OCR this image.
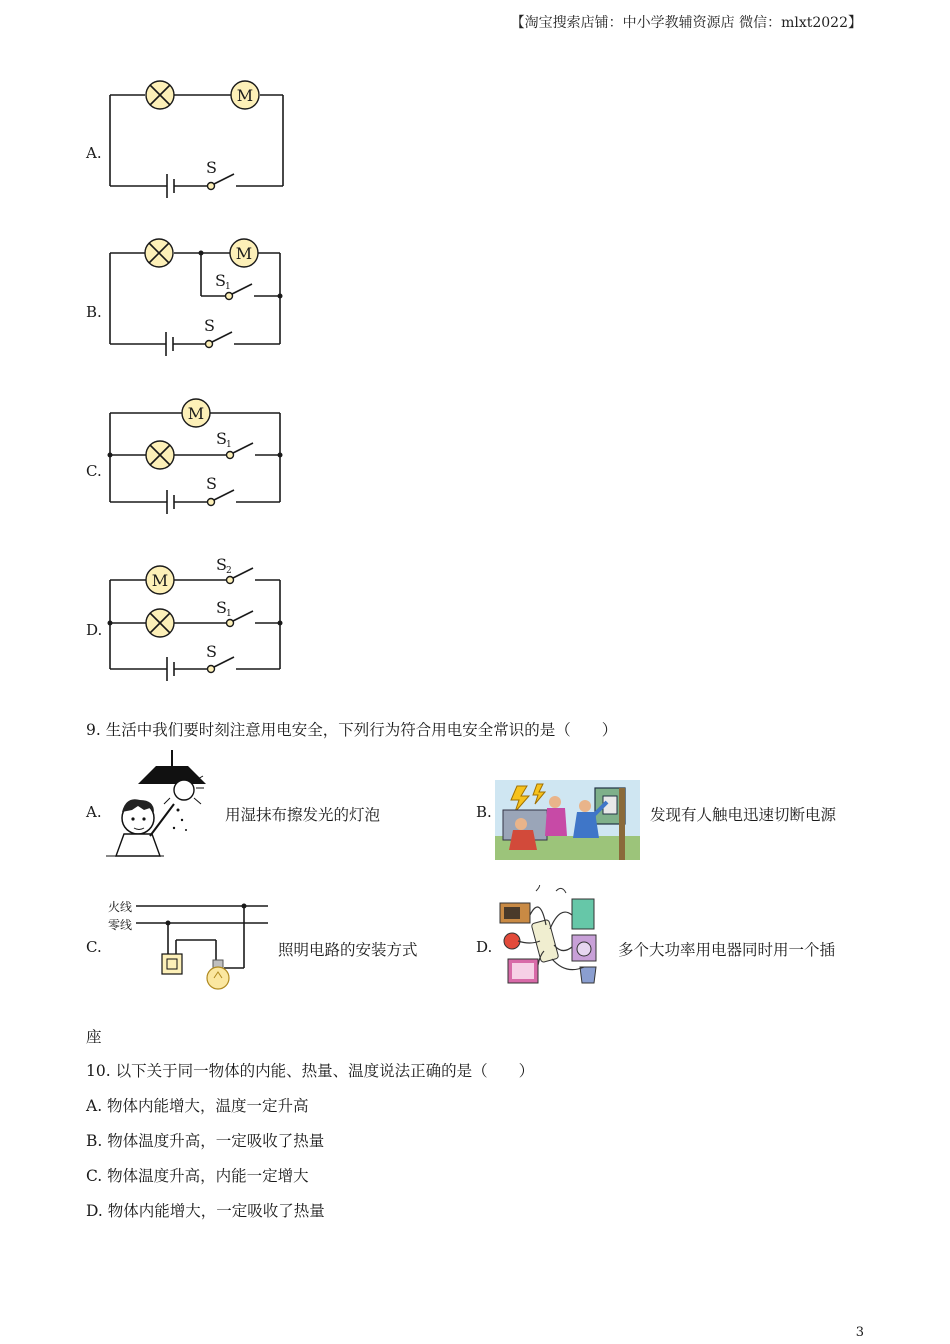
【淘宝搜索店铺：中小学教辅资源店 微信：mlxt2022】
A.
M
S
B.
M
S 1
S
C.
M
S 1
S
D.
M
S 2
S 1
S
9. 生活中我们要时刻注意用电安全，下列行为符合用电安全常识的是（　　）
A.	用湿抹布擦发光的灯泡	B.	发现有人触电迅速切断电源
C.
火线
零线
照明电路的安装方式	D.	多个大功率用电器同时用一个插
座
10. 以下关于同一物体的内能、热量、温度说法正确的是（　　）
A. 物体内能增大，温度一定升高
B. 物体温度升高，一定吸收了热量
C. 物体温度升高，内能一定增大
D. 物体内能增大，一定吸收了热量
3
